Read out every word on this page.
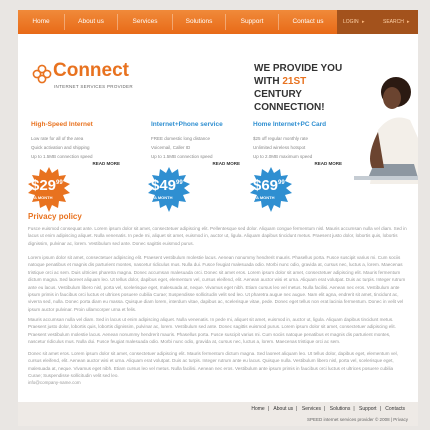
Home	About us	Services	Solutions	Support	Contact us	LOGIN ▸	SEARCH ▸
Connect
INTERNET SERVICES PROVIDER
WE PROVIDE YOU
WITH 21ST
CENTURY CONNECTION!
High-Speed Internet
Low rate for all of the area
Quick activation and shipping
Up to 1.5MB connection speed
READ MORE
$\$29^{99}$
A MONTH
Internet+Phone service
FREE domestic long distance
Voicemail, Caller ID
Up to 1.5MB connection speed
READ MORE
$\$49^{99}$
A MONTH
Home Internet+PC Card
$25 off regular monthly rate
Unlimited wireless hotspot
Up to 2.0MB maximum speed
READ MORE
$\$69^{99}$
A MONTH
Privacy policy

Fusce euismod consequat ante. Lorem ipsum dolor sit amet, consectetuer adipiscing elit. Pellentesque sed dolor. Aliquam congue fermentum nisl. Mauris accumsan nulla vel diam. Sed in lacus ut enim adipiscing aliquet. Nulla venenatis. In pede mi, aliquet sit amet, euismod in, auctor ut, ligula. Aliquam dapibus tincidunt metus. Praesent justo dolor, lobortis quis, lobortis dignissim, pulvinar ac, lorem. Vestibulum sed ante. Donec sagittis euismod purus.

Lorem ipsum dolor sit amet, consectetuer adipiscing elit. Praesent vestibulum molestie lacus. Aenean nonummy hendrerit mauris. Phasellus porta. Fusce suscipit varius mi. Cum sociis natoque penatibus et magnis dis parturient montes, nascetur ridiculus mus. Nulla dui. Fusce feugiat malesuada odio. Morbi nunc odio, gravida at, cursus nec, luctus a, lorem. Maecenas tristique orci ac sem. Duis ultricies pharetra magna. Donec accumsan malesuada orci. Donec sit amet eros. Lorem ipsum dolor sit amet, consectetuer adipiscing elit. Mauris fermentum dictum magna. Sed laoreet aliquam leo. Ut tellus dolor, dapibus eget, elementum vel, cursus eleifend, elit. Aenean auctor wisi et urna. Aliquam erat volutpat. Duis ac turpis. Integer rutrum ante eu lacus. Vestibulum libero nisl, porta vel, scelerisque eget, malesuada at, neque. Vivamus eget nibh. Etiam cursus leo vel metus. Nulla facilisi. Aenean nec eros. Vestibulum ante ipsum primis in faucibus orci luctus et ultrices posuere cubilia Curae; Suspendisse sollicitudin velit sed leo. Ut pharetra augue nec augue. Nam elit agna, endrerit sit amet, tincidunt ac, viverra sed, nulla. Donec porta diam eu massa. Quisque diam lorem, interdum vitae, dapibus ac, scelerisque vitae, pede. Donec eget tellus non erat lacinia fermentum. Donec in velit vel ipsum auctor pulvinar. Proin ullamcorper urna et felis.

Mauris accumsan nulla vel diam. Sed in lacus ut enim adipiscing aliquet. Nulla venenatis. In pede mi, aliquet sit amet, euismod in, auctor ut, ligula. Aliquam dapibus tincidunt metus. Praesent justo dolor, lobortis quis, lobortis dignissim, pulvinar ac, lorem. Vestibulum sed ante. Donec sagittis euismod purus. Lorem ipsum dolor sit amet, consectetuer adipiscing elit. Praesent vestibulum molestie lacus. Aenean nonummy hendrerit mauris. Phasellus porta. Fusce suscipit varius mi. Cum sociis natoque penatibus et magnis dis parturient montes, nascetur ridiculus mus. Nulla dui. Fusce feugiat malesuada odio. Morbi nunc odio, gravida at, cursus nec, luctus a, lorem. Maecenas tristique orci ac sem.

Donec sit amet eros. Lorem ipsum dolor sit amet, consectetuer adipiscing elit. Mauris fermentum dictum magna. Sed laoreet aliquam leo. Ut tellus dolor, dapibus eget, elementum vel, cursus eleifend, elit. Aenean auctor wisi et urna. Aliquam erat volutpat. Duis ac turpis. Integer rutrum ante eu lacus. Quisque nulla. Vestibulum libero nisl, porta vel, scelerisque eget, malesuada at, neque. Vivamus eget nibh. Etiam cursus leo vel metus. Nulla facilisi. Aenean nec eros. Vestibulum ante ipsum primis in faucibus orci luctus et ultrices posuere cubilia Curae; Suspendisse sollicitudin velit sed leo.

info@company-name.com
Home | About us | Services | Solutions | Support | Contacts
SPEED internet services provider © 2008 | Privacy
